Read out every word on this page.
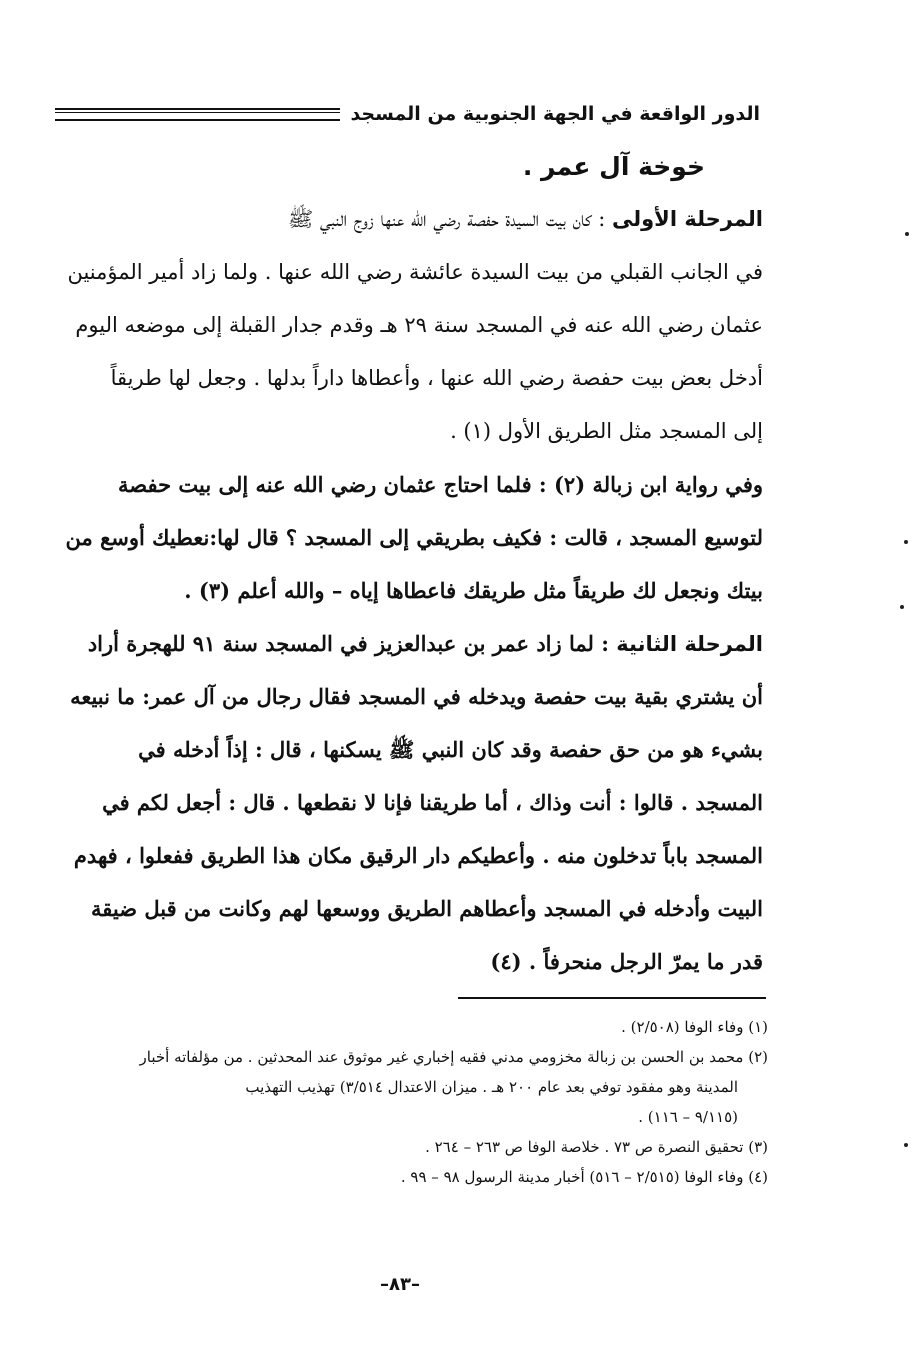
الدور الواقعة في الجهة الجنوبية من المسجد
خوخة آل عمر .
المرحلة الأولى : كان بيت السيدة حفصة رضي الله عنها زوج النبي ﷺ
في الجانب القبلي من بيت السيدة عائشة رضي الله عنها . ولما زاد أمير المؤمنين
عثمان رضي الله عنه في المسجد سنة ٢٩ هـ وقدم جدار القبلة إلى موضعه اليوم
أدخل بعض بيت حفصة رضي الله عنها ، وأعطاها داراً بدلها . وجعل لها طريقاً
إلى المسجد مثل الطريق الأول (١) .
وفي رواية ابن زبالة (٢) : فلما احتاج عثمان رضي الله عنه إلى بيت حفصة
لتوسيع المسجد ، قالت : فكيف بطريقي إلى المسجد ؟ قال لها:نعطيك أوسع من
بيتك ونجعل لك طريقاً مثل طريقك فاعطاها إياه – والله أعلم (٣) .
المرحلة الثانية : لما زاد عمر بن عبدالعزيز في المسجد سنة ٩١ للهجرة أراد
أن يشتري بقية بيت حفصة ويدخله في المسجد فقال رجال من آل عمر: ما نبيعه
بشيء هو من حق حفصة وقد كان النبي ﷺ يسكنها ، قال : إذاً أدخله في
المسجد . قالوا : أنت وذاك ، أما طريقنا فإنا لا نقطعها . قال : أجعل لكم في
المسجد باباً تدخلون منه . وأعطيكم دار الرقيق مكان هذا الطريق ففعلوا ، فهدم
البيت وأدخله في المسجد وأعطاهم الطريق ووسعها لهم وكانت من قبل ضيقة
قدر ما يمرّ الرجل منحرفاً . (٤)
(١) وفاء الوفا (٢/٥٠٨) .
(٢) محمد بن الحسن بن زبالة مخزومي مدني فقيه إخباري غير موثوق عند المحدثين . من مؤلفاته أخبار
المدينة وهو مفقود توفي بعد عام ٢٠٠ هـ . ميزان الاعتدال ٣/٥١٤) تهذيب التهذيب
(٩/١١٥ – ١١٦) .
(٣) تحقيق النصرة ص ٧٣ . خلاصة الوفا ص ٢٦٣ – ٢٦٤ .
(٤) وفاء الوفا (٢/٥١٥ – ٥١٦) أخبار مدينة الرسول ٩٨ – ٩٩ .
–٨٣–
